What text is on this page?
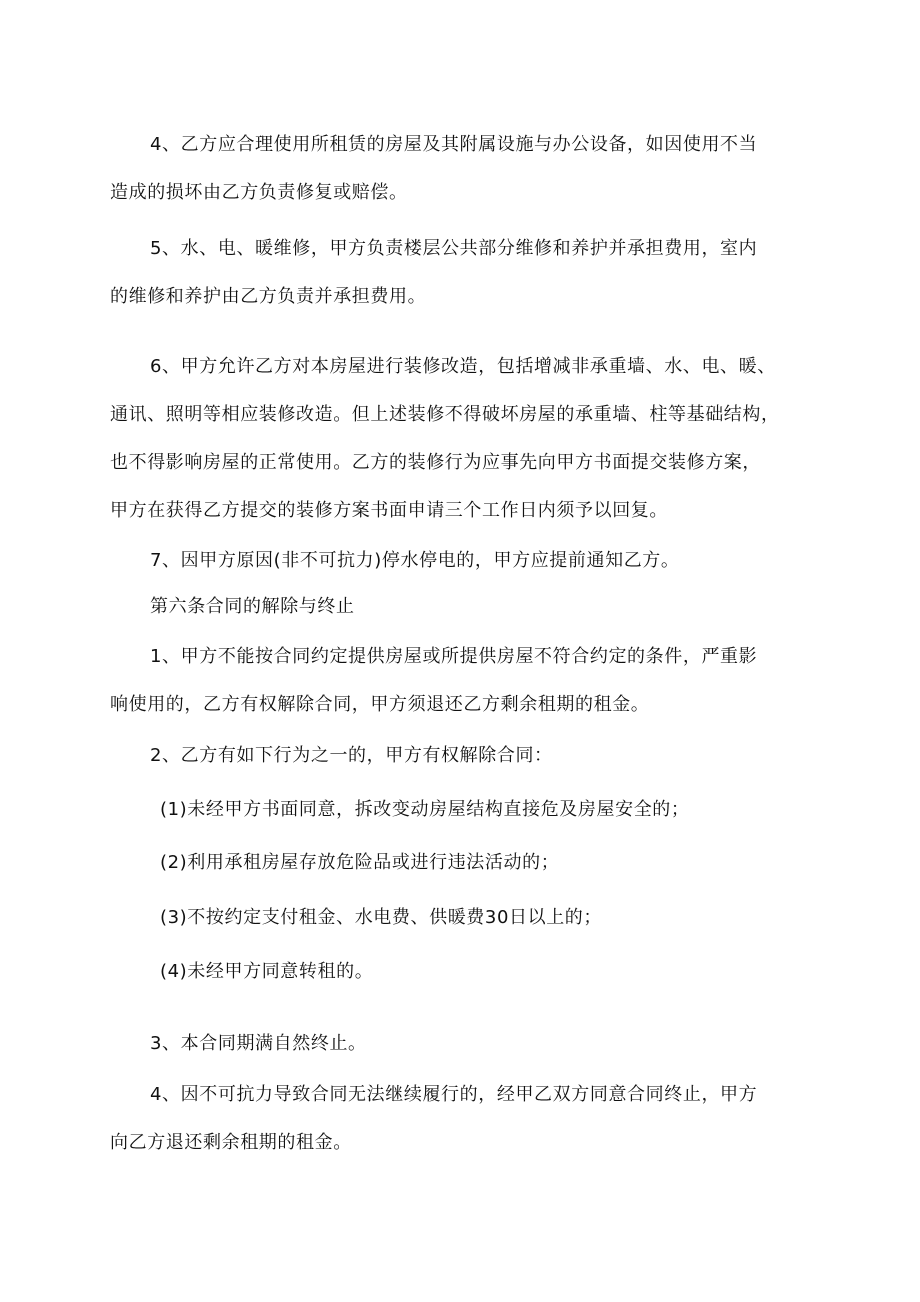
4、乙方应合理使用所租赁的房屋及其附属设施与办公设备，如因使用不当
造成的损坏由乙方负责修复或赔偿。
5、水、电、暖维修，甲方负责楼层公共部分维修和养护并承担费用，室内
的维修和养护由乙方负责并承担费用。
6、甲方允许乙方对本房屋进行装修改造，包括增减非承重墙、水、电、暖、
通讯、照明等相应装修改造。但上述装修不得破坏房屋的承重墙、柱等基础结构，
也不得影响房屋的正常使用。乙方的装修行为应事先向甲方书面提交装修方案，
甲方在获得乙方提交的装修方案书面申请三个工作日内须予以回复。
7、因甲方原因(非不可抗力)停水停电的，甲方应提前通知乙方。
第六条合同的解除与终止
1、甲方不能按合同约定提供房屋或所提供房屋不符合约定的条件，严重影
响使用的，乙方有权解除合同，甲方须退还乙方剩余租期的租金。
2、乙方有如下行为之一的，甲方有权解除合同：
(1)未经甲方书面同意，拆改变动房屋结构直接危及房屋安全的；
(2)利用承租房屋存放危险品或进行违法活动的；
(3)不按约定支付租金、水电费、供暖费30日以上的；
(4)未经甲方同意转租的。
3、本合同期满自然终止。
4、因不可抗力导致合同无法继续履行的，经甲乙双方同意合同终止，甲方
向乙方退还剩余租期的租金。
